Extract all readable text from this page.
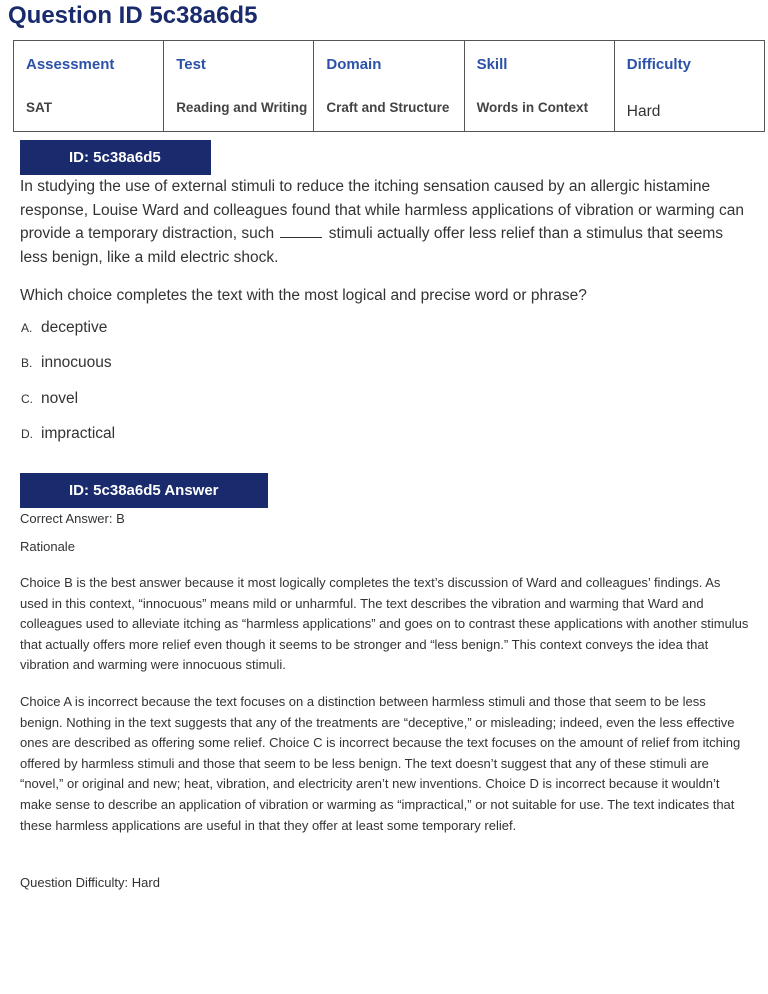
Question ID 5c38a6d5
Assessment	Test	Domain	Skill	Difficulty
SAT	Reading and Writing	Craft and Structure	Words in Context	Hard
ID: 5c38a6d5
In studying the use of external stimuli to reduce the itching sensation caused by an allergic histamine response, Louise Ward and colleagues found that while harmless applications of vibration or warming can provide a temporary distraction, such	stimuli actually offer less relief than a stimulus that seems less benign, like a mild electric shock.
Which choice completes the text with the most logical and precise word or phrase?
A. deceptive
B. innocuous
C. novel
D. impractical
ID: 5c38a6d5 Answer
Correct Answer: B
Rationale
Choice B is the best answer because it most logically completes the text’s discussion of Ward and colleagues’ findings. As used in this context, “innocuous” means mild or unharmful. The text describes the vibration and warming that Ward and colleagues used to alleviate itching as “harmless applications” and goes on to contrast these applications with another stimulus that actually offers more relief even though it seems to be stronger and “less benign.” This context conveys the idea that vibration and warming were innocuous stimuli.
Choice A is incorrect because the text focuses on a distinction between harmless stimuli and those that seem to be less benign. Nothing in the text suggests that any of the treatments are “deceptive,” or misleading; indeed, even the less effective ones are described as offering some relief. Choice C is incorrect because the text focuses on the amount of relief from itching offered by harmless stimuli and those that seem to be less benign. The text doesn’t suggest that any of these stimuli are “novel,” or original and new; heat, vibration, and electricity aren’t new inventions. Choice D is incorrect because it wouldn’t make sense to describe an application of vibration or warming as “impractical,” or not suitable for use. The text indicates that these harmless applications are useful in that they offer at least some temporary relief.
Question Difficulty: Hard
